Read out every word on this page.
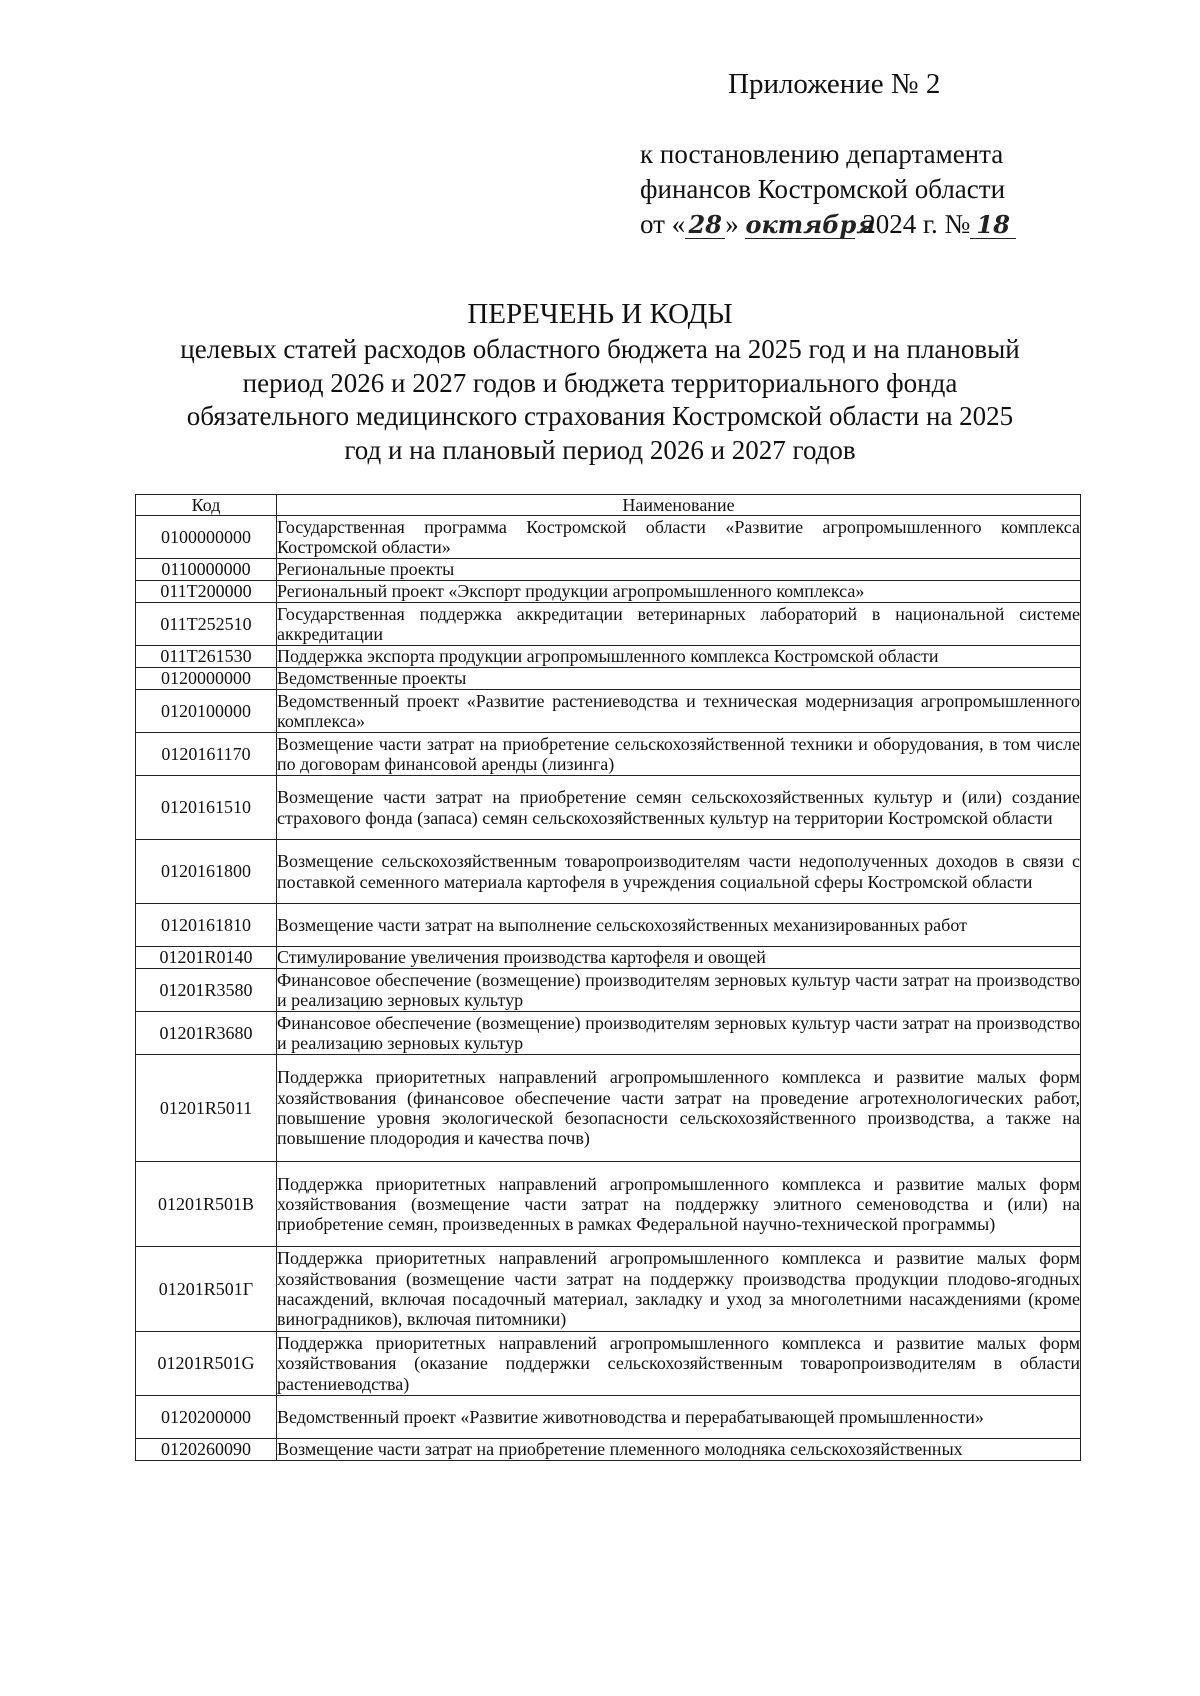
Приложение № 2
к постановлению департамента
финансов Костромской области
от « 28 » октября 2024 г. № 18
ПЕРЕЧЕНЬ И КОДЫ
целевых статей расходов областного бюджета на 2025 год и на плановый
период 2026 и 2027 годов и бюджета территориального фонда
обязательного медицинского страхования Костромской области на 2025
год и на плановый период 2026 и 2027 годов
Код	Наименование
0100000000	Государственная программа Костромской области «Развитие агропромышленного комплекса Костромской области»
0110000000	Региональные проекты
011Т200000	Региональный проект «Экспорт продукции агропромышленного комплекса»
011Т252510	Государственная поддержка аккредитации ветеринарных лабораторий в национальной системе аккредитации
011Т261530	Поддержка экспорта продукции агропромышленного комплекса Костромской области
0120000000	Ведомственные проекты
0120100000	Ведомственный проект «Развитие растениеводства и техническая модернизация агропромышленного комплекса»
0120161170	Возмещение части затрат на приобретение сельскохозяйственной техники и оборудования, в том числе по договорам финансовой аренды (лизинга)
0120161510	Возмещение части затрат на приобретение семян сельскохозяйственных культур и (или) создание страхового фонда (запаса) семян сельскохозяйственных культур на территории Костромской области
0120161800	Возмещение сельскохозяйственным товаропроизводителям части недополученных доходов в связи с поставкой семенного материала картофеля в учреждения социальной сферы Костромской области
0120161810	Возмещение части затрат на выполнение сельскохозяйственных механизированных работ
01201R0140	Стимулирование увеличения производства картофеля и овощей
01201R3580	Финансовое обеспечение (возмещение) производителям зерновых культур части затрат на производство и реализацию зерновых культур
01201R3680	Финансовое обеспечение (возмещение) производителям зерновых культур части затрат на производство и реализацию зерновых культур
01201R5011	Поддержка приоритетных направлений агропромышленного комплекса и развитие малых форм хозяйствования (финансовое обеспечение части затрат на проведение агротехнологических работ, повышение уровня экологической безопасности сельскохозяйственного производства, а также на повышение плодородия и качества почв)
01201R501B	Поддержка приоритетных направлений агропромышленного комплекса и развитие малых форм хозяйствования (возмещение части затрат на поддержку элитного семеноводства и (или) на приобретение семян, произведенных в рамках Федеральной научно-технической программы)
01201R501Г	Поддержка приоритетных направлений агропромышленного комплекса и развитие малых форм хозяйствования (возмещение части затрат на поддержку производства продукции плодово-ягодных насаждений, включая посадочный материал, закладку и уход за многолетними насаждениями (кроме виноградников), включая питомники)
01201R501G	Поддержка приоритетных направлений агропромышленного комплекса и развитие малых форм хозяйствования (оказание поддержки сельскохозяйственным товаропроизводителям в области растениеводства)
0120200000	Ведомственный проект «Развитие животноводства и перерабатывающей промышленности»
0120260090	Возмещение части затрат на приобретение племенного молодняка сельскохозяйственных
